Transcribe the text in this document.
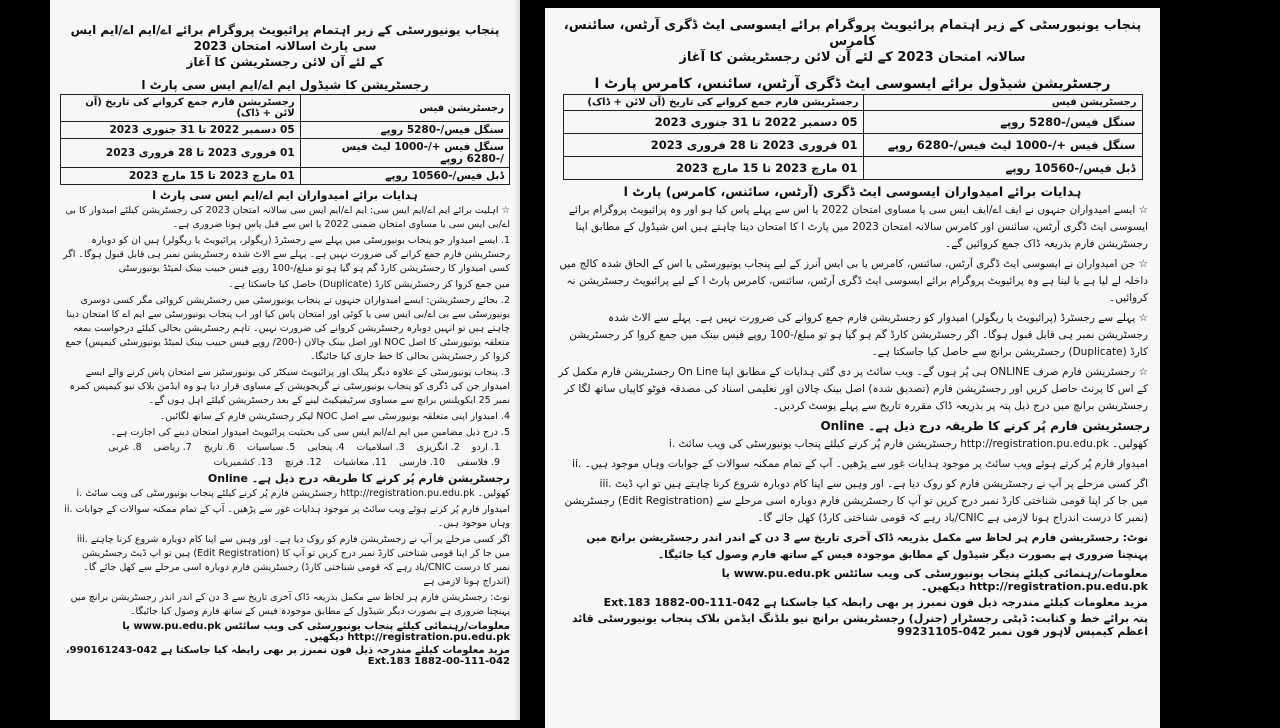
پنجاب یونیورسٹی کے زیر اہتمام پرائیویٹ پروگرام برائے اے/ایم اے/ایم ایس سی پارٹ اسالانہ امتحان 2023
کے لئے آن لائن رجسٹریشن کا آغاز
رجسٹریشن کا شیڈول ایم اے/ایم ایس سی پارٹ ا
رجسٹریشن فارم جمع کروانے کی تاریخ (آن لائن + ڈاک)	رجسٹریشن فیس
05 دسمبر 2022 تا 31 جنوری 2023	سنگل فیس/-5280 روپے
01 فروری 2023 تا 28 فروری 2023	سنگل فیس +/-1000 لیٹ فیس /-6280 روپے
01 مارچ 2023 تا 15 مارچ 2023	ڈبل فیس/-10560 روپے
ہدایات برائے امیدواران ایم اے/ایم ایس سی پارٹ ا
☆ اہلیت برائے ایم اے/ایم ایس سی: ایم اے/ایم ایس سی سالانہ امتحان 2023 کی رجسٹریشن کیلئے امیدوار کا بی اے/بی ایس سی یا مساوی امتحان ضمنی 2022 یا اس سے قبل پاس ہونا ضروری ہے۔
1. ایسے امیدوار جو پنجاب یونیورسٹی میں پہلے سے رجسٹرڈ (ریگولر، پرائیویٹ یا ریگولر) ہیں ان کو دوبارہ رجسٹریشن فارم جمع کرانے کی ضرورت نہیں ہے۔ پہلے سے الاٹ شدہ رجسٹریشن نمبر ہی قابل قبول ہوگا۔ اگر کسی امیدوار کا رجسٹریشن کارڈ گم ہو گیا ہو تو مبلغ/-100 روپے فیس حبیب بینک لمیٹڈ یونیورسٹی
میں جمع کروا کر رجسٹریشن کارڈ (Duplicate) حاصل کیا جاسکتا ہے۔
2. بجائے رجسٹریشن: ایسے امیدواران جنہوں نے پنجاب یونیورسٹی میں رجسٹریشن کروائی مگر کسی دوسری یونیورسٹی سے بی اے/بی ایس سی یا کوئی اور امتحان پاس کیا اور اب پنجاب یونیورسٹی سے ایم اے کا امتحان دینا چاہتے ہیں تو انہیں دوبارہ رجسٹریشن کروانے کی ضرورت نہیں۔ تاہم رجسٹریشن بحالی کیلئے درخواست بمعہ متعلقہ یونیورسٹی کا اصل NOC اور اصل بینک چالان (-200/ روپے فیس حبیب بینک لمیٹڈ یونیورسٹی کیمپس) جمع کروا کر رجسٹریشن بحالی کا خط جاری کیا جائیگا۔
3. پنجاب یونیورسٹی کے علاوہ دیگر پبلک اور پرائیویٹ سیکٹر کی یونیورسٹیز سے امتحان پاس کرنے والے ایسے امیدوار جن کی ڈگری کو پنجاب یونیورسٹی نے گریجویشن کے مساوی قرار دیا ہو وہ ایڈمن بلاک نیو کیمپس کمرہ نمبر 25 ایکویلنس برانچ سے مساوی سرٹیفیکیٹ لینے کے بعد رجسٹریشن کیلئے اہل ہوں گے۔
4. امیدوار اپنی متعلقہ یونیورسٹی سے اصل NOC لیکر رجسٹریشن فارم کے ساتھ لگائیں۔
5. درج ذیل مضامین میں ایم اے/ایم ایس سی کی بحیثیت پرائیویٹ امیدوار امتحان دینے کی اجازت ہے۔
1. اردو
2. انگریزی
3. اسلامیات
4. پنجابی
5. سیاسیات
6. تاریخ
7. ریاضی
8. عربی
9. فلاسفی
10. فارسی
11. معاشیات
12. فرنچ
13. کشمیریات
Online رجسٹریشن فارم پُر کرنے کا طریقہ درج ذیل ہے۔
i. رجسٹریشن فارم پُر کرنے کیلئے پنجاب یونیورسٹی کی ویب سائٹ http://registration.pu.edu.pk کھولیں۔
ii. امیدوار فارم پُر کرتے ہوئے ویب سائٹ پر موجود ہدایات غور سے پڑھیں۔ آپ کے تمام ممکنہ سوالات کے جوابات وہاں موجود ہیں۔
iii. اگر کسی مرحلے پر آپ نے رجسٹریشن فارم کو روک دیا ہے۔ اور وہیں سے اپنا کام دوبارہ شروع کرنا چاہتے ہیں تو اپ ڈیٹ رجسٹریشن (Edit Registration) میں جا کر اپنا قومی شناختی کارڈ نمبر درج کریں تو آپ کا رجسٹریشن فارم دوبارہ اسی مرحلے سے کھل جائے گا۔ (یاد رہے کہ قومی شناختی کارڈ/CNIC نمبر کا درست اندراج ہونا لازمی ہے)
نوٹ: رجسٹریشن فارم ہر لحاظ سے مکمل بذریعہ ڈاک آخری تاریخ سے 3 دن کے اندر اندر رجسٹریشن برانچ میں پہنچنا ضروری ہے بصورت دیگر شیڈول کے مطابق موجودہ فیس کے ساتھ فارم وصول کیا جائیگا۔
معلومات/رہنمائی کیلئے پنجاب یونیورسٹی کی ویب سائٹس www.pu.edu.pk یا http://registration.pu.edu.pk دیکھیں۔
مزید معلومات کیلئے مندرجہ ذیل فون نمبرز پر بھی رابطہ کیا جاسکتا ہے 042-990161243، 042-111-00-1882 Ext.183
پنجاب یونیورسٹی کے زیر اہتمام پرائیویٹ پروگرام برائے ایسوسی ایٹ ڈگری آرٹس، سائنس، کامرس
سالانہ امتحان 2023 کے لئے آن لائن رجسٹریشن کا آغاز
رجسٹریشن شیڈول برائے ایسوسی ایٹ ڈگری آرٹس، سائنس، کامرس پارٹ ا
رجسٹریشن فارم جمع کروانے کی تاریخ (آن لائن + ڈاک)	رجسٹریشن فیس
05 دسمبر 2022 تا 31 جنوری 2023	سنگل فیس/-5280 روپے
01 فروری 2023 تا 28 فروری 2023	سنگل فیس +/-1000 لیٹ فیس/-6280 روپے
01 مارچ 2023 تا 15 مارچ 2023	ڈبل فیس/-10560 روپے
ہدایات برائے امیدواران ایسوسی ایٹ ڈگری (آرٹس، سائنس، کامرس) پارٹ ا
☆ ایسے امیدواران جنہوں نے ایف اے/ایف ایس سی یا مساوی امتحان 2022 یا اس سے پہلے پاس کیا ہو اور وہ پرائیویٹ پروگرام برائے ایسوسی ایٹ ڈگری آرٹس، سائنس اور کامرس سالانہ امتحان 2023 میں پارٹ ا کا امتحان دینا چاہتے ہیں اس شیڈول کے مطابق اپنا رجسٹریشن فارم بذریعہ ڈاک جمع کروائیں گے۔
☆ جن امیدواران نے ایسوسی ایٹ ڈگری آرٹس، سائنس، کامرس یا بی ایس آنرز کے لیے پنجاب یونیورسٹی یا اس کے الحاق شدہ کالج میں داخلہ لے لیا ہے یا لینا ہے وہ پرائیویٹ پروگرام برائے ایسوسی ایٹ ڈگری آرٹس، سائنس، کامرس پارٹ ا کے لیے پرائیویٹ رجسٹریشن نہ کروائیں۔
☆ پہلے سے رجسٹرڈ (پرائیویٹ یا ریگولر) امیدوار کو رجسٹریشن فارم جمع کروانے کی ضرورت نہیں ہے۔ پہلے سے الاٹ شدہ رجسٹریشن نمبر ہی قابل قبول ہوگا۔ اگر رجسٹریشن کارڈ گم ہو گیا ہو تو مبلغ/-100 روپے فیس بینک میں جمع کروا کر رجسٹریشن کارڈ (Duplicate) رجسٹریشن برانچ سے حاصل کیا جاسکتا ہے۔
☆ رجسٹریشن فارم صرف ONLINE ہی پُر ہوں گے۔ ویب سائٹ پر دی گئی ہدایات کے مطابق اپنا On Line رجسٹریشن فارم مکمل کر کے اس کا پرنٹ حاصل کریں اور رجسٹریشن فارم (تصدیق شدہ) اصل بینک چالان اور تعلیمی اسناد کی مصدقہ فوٹو کاپیاں ساتھ لگا کر رجسٹریشن برانچ میں درج ذیل پتہ پر بذریعہ ڈاک مقررہ تاریخ سے پہلے پوسٹ کردیں۔
Online رجسٹریشن فارم پُر کرنے کا طریقہ درج ذیل ہے۔
i. رجسٹریشن فارم پُر کرنے کیلئے پنجاب یونیورسٹی کی ویب سائٹ http://registration.pu.edu.pk کھولیں۔
ii. امیدوار فارم پُر کرتے ہوئے ویب سائٹ پر موجود ہدایات غور سے پڑھیں۔ آپ کے تمام ممکنہ سوالات کے جوابات وہاں موجود ہیں۔
iii. اگر کسی مرحلے پر آپ نے رجسٹریشن فارم کو روک دیا ہے۔ اور وہیں سے اپنا کام دوبارہ شروع کرنا چاہتے ہیں تو اپ ڈیٹ رجسٹریشن (Edit Registration) میں جا کر اپنا قومی شناختی کارڈ نمبر درج کریں تو آپ کا رجسٹریشن فارم دوبارہ اسی مرحلے سے کھل جائے گا۔ (یاد رہے کہ قومی شناختی کارڈ/CNIC نمبر کا درست اندراج ہونا لازمی ہے)
نوٹ: رجسٹریشن فارم ہر لحاظ سے مکمل بذریعہ ڈاک آخری تاریخ سے 3 دن کے اندر اندر رجسٹریشن برانچ میں پہنچنا ضروری ہے بصورت دیگر شیڈول کے مطابق موجودہ فیس کے ساتھ فارم وصول کیا جائیگا۔
معلومات/رہنمائی کیلئے پنجاب یونیورسٹی کی ویب سائٹس www.pu.edu.pk یا http://registration.pu.edu.pk دیکھیں۔
مزید معلومات کیلئے مندرجہ ذیل فون نمبرز پر بھی رابطہ کیا جاسکتا ہے 042-111-00-1882 Ext.183
پتہ برائے خط و کتابت: ڈپٹی رجسٹرار (جنرل) رجسٹریشن برانچ نیو بلڈنگ ایڈمن بلاک پنجاب یونیورسٹی قائد اعظم کیمپس لاہور فون نمبر 042-99231105
